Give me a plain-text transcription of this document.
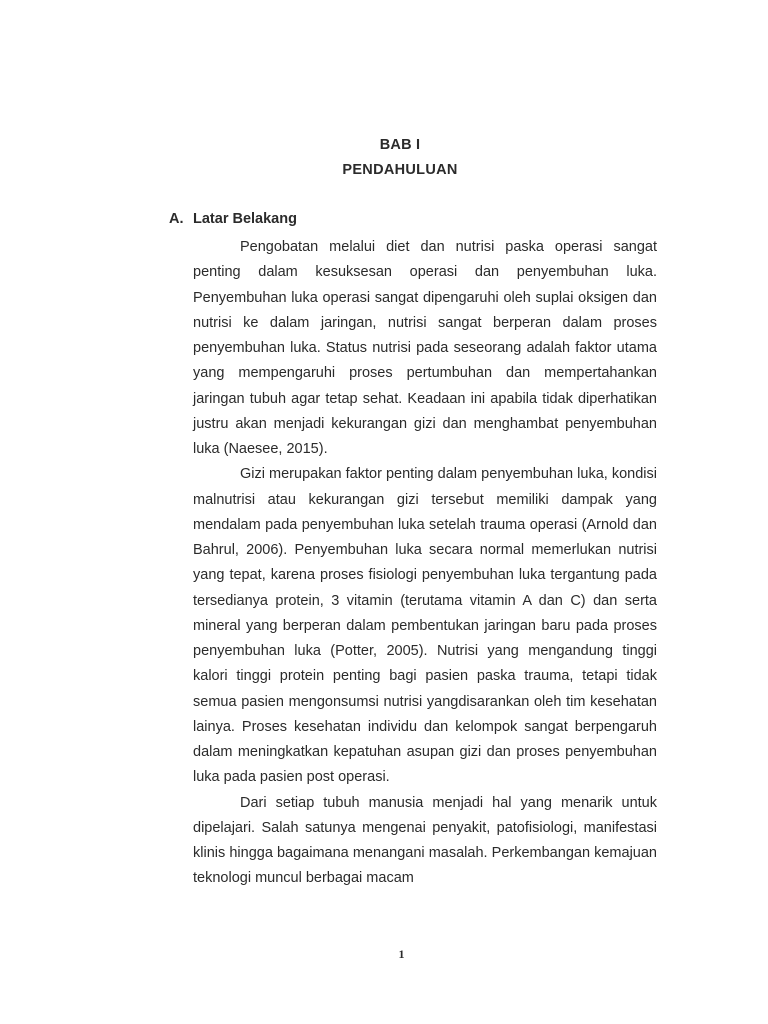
BAB I
PENDAHULUAN
A. Latar Belakang

Pengobatan melalui diet dan nutrisi paska operasi sangat penting dalam kesuksesan operasi dan penyembuhan luka. Penyembuhan luka operasi sangat dipengaruhi oleh suplai oksigen dan nutrisi ke dalam jaringan, nutrisi sangat berperan dalam proses penyembuhan luka. Status nutrisi pada seseorang adalah faktor utama yang mempengaruhi proses pertumbuhan dan mempertahankan jaringan tubuh agar tetap sehat. Keadaan ini apabila tidak diperhatikan justru akan menjadi kekurangan gizi dan menghambat penyembuhan luka (Naesee, 2015).

Gizi merupakan faktor penting dalam penyembuhan luka, kondisi malnutrisi atau kekurangan gizi tersebut memiliki dampak yang mendalam pada penyembuhan luka setelah trauma operasi (Arnold dan Bahrul, 2006). Penyembuhan luka secara normal memerlukan nutrisi yang tepat, karena proses fisiologi penyembuhan luka tergantung pada tersedianya protein, 3 vitamin (terutama vitamin A dan C) dan serta mineral yang berperan dalam pembentukan jaringan baru pada proses penyembuhan luka (Potter, 2005). Nutrisi yang mengandung tinggi kalori tinggi protein penting bagi pasien paska trauma, tetapi tidak semua pasien mengonsumsi nutrisi yangdisarankan oleh tim kesehatan lainya. Proses kesehatan individu dan kelompok sangat berpengaruh dalam meningkatkan kepatuhan asupan gizi dan proses penyembuhan luka pada pasien post operasi.

Dari setiap tubuh manusia menjadi hal yang menarik untuk dipelajari. Salah satunya mengenai penyakit, patofisiologi, manifestasi klinis hingga bagaimana menangani masalah. Perkembangan kemajuan teknologi muncul berbagai macam

1
